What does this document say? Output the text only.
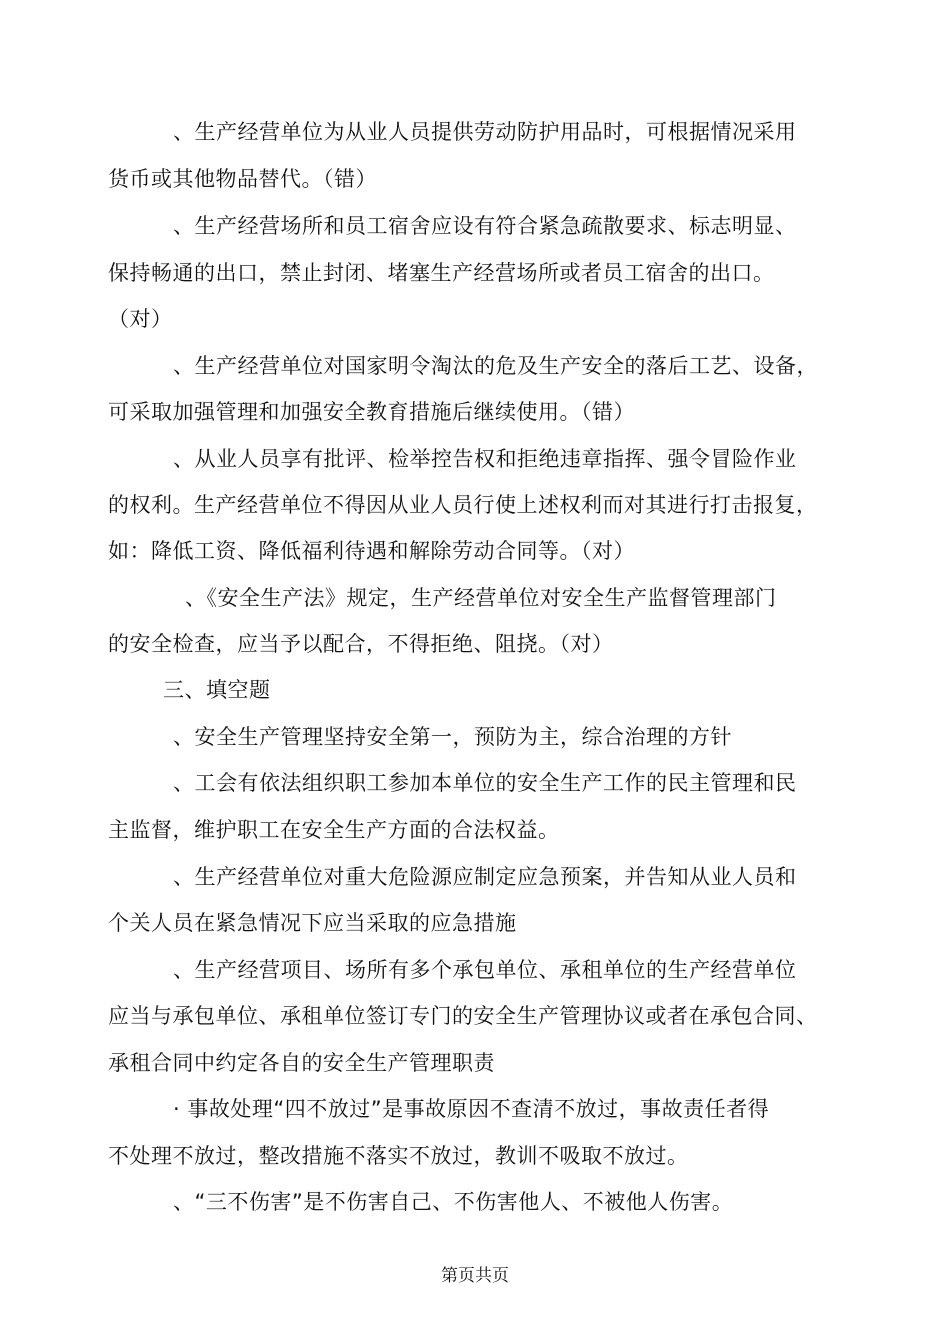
、生产经营单位为从业人员提供劳动防护用品时，可根据情况采用
货币或其他物品替代。（错）
、生产经营场所和员工宿舍应设有符合紧急疏散要求、标志明显、
保持畅通的出口，禁止封闭、堵塞生产经营场所或者员工宿舍的出口。
（对）
、生产经营单位对国家明令淘汰的危及生产安全的落后工艺、设备，
可采取加强管理和加强安全教育措施后继续使用。（错）
、从业人员享有批评、检举控告权和拒绝违章指挥、强令冒险作业
的权利。生产经营单位不得因从业人员行使上述权利而对其进行打击报复，
如：降低工资、降低福利待遇和解除劳动合同等。（对）
、《安全生产法》规定，生产经营单位对安全生产监督管理部门
的安全检查，应当予以配合，不得拒绝、阻挠。（对）
三、填空题
、安全生产管理坚持安全第一，预防为主，综合治理的方针
、工会有依法组织职工参加本单位的安全生产工作的民主管理和民
主监督，维护职工在安全生产方面的合法权益。
、生产经营单位对重大危险源应制定应急预案，并告知从业人员和
个关人员在紧急情况下应当采取的应急措施
、生产经营项目、场所有多个承包单位、承租单位的生产经营单位
应当与承包单位、承租单位签订专门的安全生产管理协议或者在承包合同、
承租合同中约定各自的安全生产管理职责
· 事故处理“四不放过”是事故原因不查清不放过，事故责任者得
不处理不放过，整改措施不落实不放过，教训不吸取不放过。
、“三不伤害”是不伤害自己、不伤害他人、不被他人伤害。
第页共页
